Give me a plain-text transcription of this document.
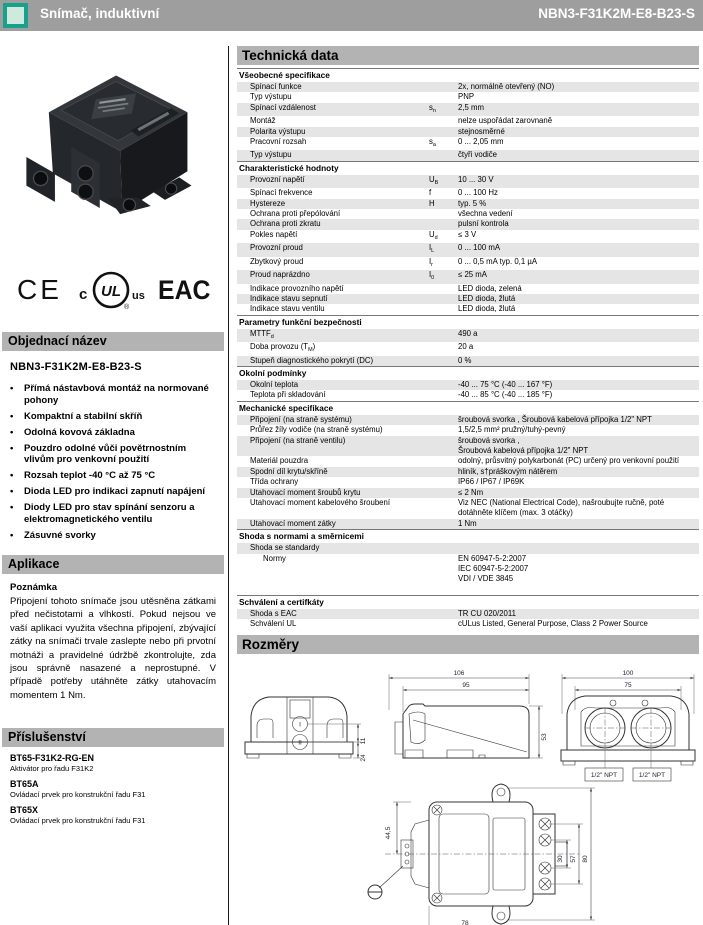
Snímač, induktivní	NBN3-F31K2M-E8-B23-S
CE c UL
®
us EAC
Objednací název
NBN3-F31K2M-E8-B23-S
•	Přímá nástavbová montáž na normované pohony
•	Kompaktní a stabilní skříň
•	Odolná kovová základna
•	Pouzdro odolné vůči povětrnostním vlivům pro venkovní použití
•	Rozsah teplot -40 °C až 75 °C
•	Dioda LED pro indikaci zapnutí napájení
•	Diody LED pro stav spínání senzoru a elektromagnetického ventilu
•	Zásuvné svorky
Aplikace
Poznámka
Připojení tohoto snímače jsou utěsněna zátkami před nečistotami a vlhkostí. Pokud nejsou ve vaší aplikaci využita všechna připojení, zbývající zátky na snímači trvale zaslepte nebo při prvotní motnáži a pravidelné údržbě zkontrolujte, zda jsou správně nasazené a neprostupné. V případě potřeby utáhněte zátky utahovacím momentem 1 Nm.
Příslušenství
BT65-F31K2-RG-EN
Aktivátor pro řadu F31K2
BT65A
Ovládací prvek pro konstrukční řadu F31
BT65X
Ovládací prvek pro konstrukční řadu F31
Technická data
Všeobecné specifikace
Spínací funkce	2x, normálně otevřený (NO)
Typ výstupu	PNP
Spínací vzdálenost	$s_n$	2,5 mm
Montáž	nelze uspořádat zarovnaně
Polarita výstupu	stejnosměrné
Pracovní rozsah	$s_a$	0 ... 2,05 mm
Typ výstupu	čtyři vodiče
Charakteristické hodnoty
Provozní napětí	$U_B$	10 ... 30 V
Spínací frekvence	f	0 ... 100 Hz
Hystereze	H	typ. 5 %
Ochrana proti přepólování	všechna vedení
Ochrana proti zkratu	pulsní kontrola
Pokles napětí	$U_d$	≤ 3 V
Provozní proud	$I_L$	0 ... 100 mA
Zbytkový proud	$I_r$	0 ... 0,5 mA typ. 0,1 µA
Proud naprázdno	$I_0$	≤ 25 mA
Indikace provozního napětí	LED dioda, zelená
Indikace stavu sepnutí	LED dioda, žlutá
Indikace stavu ventilu	LED dioda, žlutá
Parametry funkční bezpečnosti
$MTTF_d$	490 a
Doba provozu $(T_M)$	20 a
Stupeň diagnostického pokrytí (DC)	0 %
Okolní podmínky
Okolní teplota	-40 ... 75 °C (-40 ... 167 °F)
Teplota při skladování	-40 ... 85 °C (-40 ... 185 °F)
Mechanické specifikace
Připojení (na straně systému)	šroubová svorka , Šroubová kabelová přípojka 1/2" NPT
Průřez žíly vodiče (na straně systému)	1,5/2,5 mm² pružný/tuhý-pevný
Připojení (na straně ventilu)	šroubová svorka ,
Šroubová kabelová přípojka 1/2" NPT
Materiál pouzdra	odolný, průsvitný polykarbonát (PC) určený pro venkovní použití
Spodní díl krytu/skříně	hliník, s†práškovým nátěrem
Třída ochrany	IP66 / IP67 / IP69K
Utahovací moment šroubů krytu	≤ 2 Nm
Utahovací moment kabelového šroubení	Viz NEC (National Electrical Code), našroubujte ručně, poté
dotáhněte klíčem (max. 3 otáčky)
Utahovací moment zátky	1 Nm
Shoda s normami a směrnicemi
Shoda se standardy
Normy	EN 60947-5-2:2007
IEC 60947-5-2:2007
VDI / VDE 3845
Schválení a certifkáty
Shoda s EAC	TR CU 020/2011
Schválení UL	cULus Listed, General Purpose, Class 2 Power Source
Rozměry
I
II	11
24
106
95
53
100
75
1/2" NPT	1/2" NPT
44,5
78
30 57 80
